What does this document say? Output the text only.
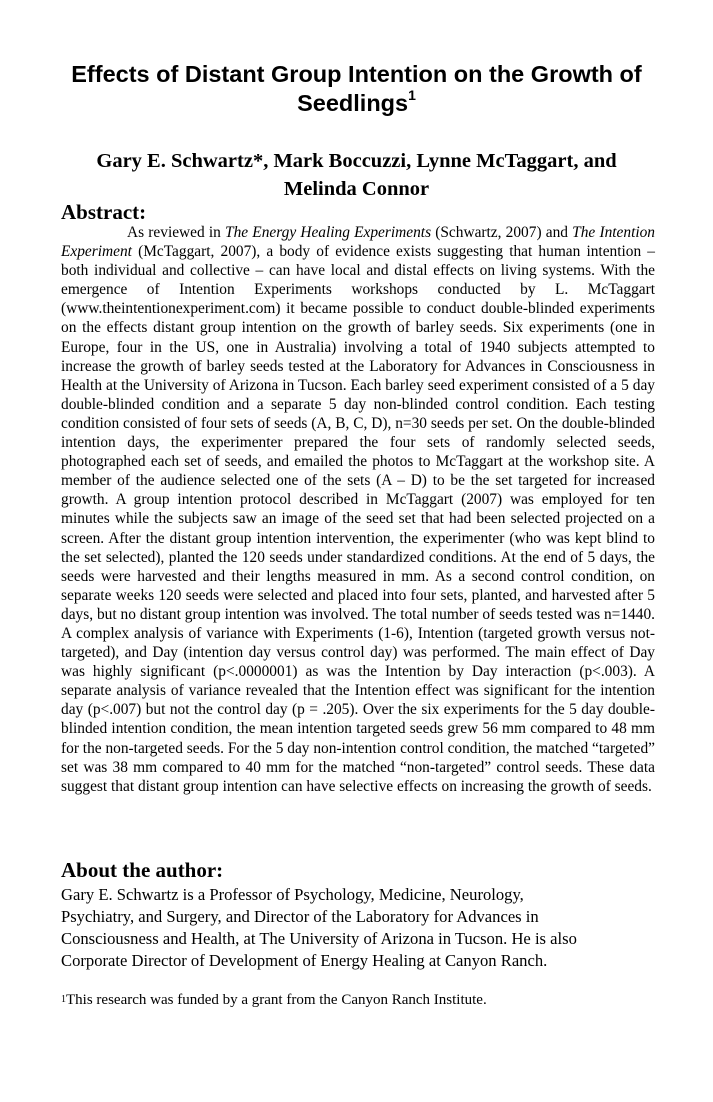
Effects of Distant Group Intention on the Growth of Seedlings$^1$
Gary E. Schwartz*, Mark Boccuzzi, Lynne McTaggart, and
Melinda Connor
Abstract:

As reviewed in The Energy Healing Experiments (Schwartz, 2007) and The Intention Experiment (McTaggart, 2007), a body of evidence exists suggesting that human intention – both individual and collective – can have local and distal effects on living systems. With the emergence of Intention Experiments workshops conducted by L. McTaggart (www.theintentionexperiment.com) it became possible to conduct double-blinded experiments on the effects distant group intention on the growth of barley seeds. Six experiments (one in Europe, four in the US, one in Australia) involving a total of 1940 subjects attempted to increase the growth of barley seeds tested at the Laboratory for Advances in Consciousness in Health at the University of Arizona in Tucson. Each barley seed experiment consisted of a 5 day double-blinded condition and a separate 5 day non-blinded control condition. Each testing condition consisted of four sets of seeds (A, B, C, D), n=30 seeds per set. On the double-blinded intention days, the experimenter prepared the four sets of randomly selected seeds, photographed each set of seeds, and emailed the photos to McTaggart at the workshop site. A member of the audience selected one of the sets (A – D) to be the set targeted for increased growth. A group intention protocol described in McTaggart (2007) was employed for ten minutes while the subjects saw an image of the seed set that had been selected projected on a screen. After the distant group intention intervention, the experimenter (who was kept blind to the set selected), planted the 120 seeds under standardized conditions. At the end of 5 days, the seeds were harvested and their lengths measured in mm. As a second control condition, on separate weeks 120 seeds were selected and placed into four sets, planted, and harvested after 5 days, but no distant group intention was involved. The total number of seeds tested was n=1440. A complex analysis of variance with Experiments (1-6), Intention (targeted growth versus not-targeted), and Day (intention day versus control day) was performed. The main effect of Day was highly significant (p<.0000001) as was the Intention by Day interaction (p<.003). A separate analysis of variance revealed that the Intention effect was significant for the intention day (p<.007) but not the control day (p = .205). Over the six experiments for the 5 day double-blinded intention condition, the mean intention targeted seeds grew 56 mm compared to 48 mm for the non-targeted seeds. For the 5 day non-intention control condition, the matched “targeted” set was 38 mm compared to 40 mm for the matched “non-targeted” control seeds. These data suggest that distant group intention can have selective effects on increasing the growth of seeds.

About the author:
Gary E. Schwartz is a Professor of Psychology, Medicine, Neurology,
Psychiatry, and Surgery, and Director of the Laboratory for Advances in
Consciousness and Health, at The University of Arizona in Tucson. He is also
Corporate Director of Development of Energy Healing at Canyon Ranch.

$^1$This research was funded by a grant from the Canyon Ranch Institute.
